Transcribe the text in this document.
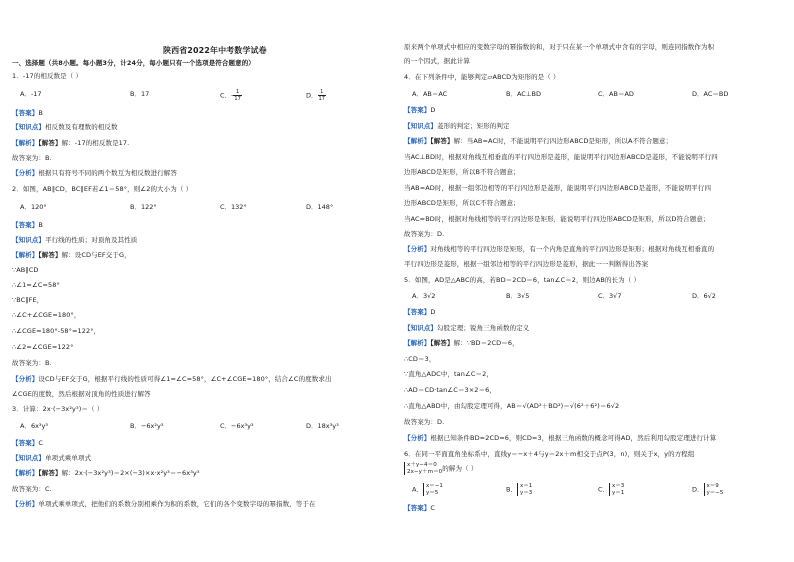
陕西省2022年中考数学试卷
一、选择题（共8小题。每小题3分，计24分，每小题只有一个选项是符合题意的）
1．-17的相反数是（ ）
A．-17	B．17	C．- $\frac{1}{17}$	D． $\frac{1}{17}$
【答案】B
【知识点】相反数及有理数的相反数
【解析】【解答】解：-17的相反数是17.
故答案为：B.
【分析】根据只有符号不同的两个数互为相反数进行解答
2．如图，AB∥CD，BC∥EF若∠1＝58°，则∠2的大小为（ ）
A．120°	B．122°	C．132°	D．148°
【答案】B
【知识点】平行线的性质；对顶角及其性质
【解析】【解答】解：设CD与EF交于G，
∵AB∥CD
∴∠1=∠C=58°
∵BC∥FE，
∴∠C+∠CGE=180°，
∴∠CGE=180°-58°=122°，
∴∠2=∠CGE=122°
故答案为：B.
【分析】设CD与EF交于G，根据平行线的性质可得∠1=∠C=58°，∠C+∠CGE=180°，结合∠C的度数求出
∠CGE的度数，然后根据对顶角的性质进行解答
3．计算：2x·(−3x²y³)＝（ ）
A．6x³y³	B．−6x²y³	C．−6x³y³	D．18x³y³
【答案】C
【知识点】单项式乘单项式
【解析】【解答】解：2x·(−3x²y³)＝2×(−3)×x·x²y³＝−6x³y³
故答案为：C.
【分析】单项式乘单项式，把他们的系数分别相乘作为积的系数，它们的各个变数字母的幂指数，等于在
原来两个单项式中相应的变数字母的幂指数的和，对于只在某一个单项式中含有的字母，则连同指数作为积
的一个因式，据此计算
4．在下列条件中，能够判定▱ABCD为矩形的是（ ）
A．AB＝AC	B．AC⊥BD	C．AB＝AD	D．AC＝BD
【答案】D
【知识点】菱形的判定；矩形的判定
【解析】【解答】解：当AB=AC时，不能说明平行四边形ABCD是矩形，所以A不符合题意；
当AC⊥BD时，根据对角线互相垂直的平行四边形是菱形，能说明平行四边形ABCD是菱形，不能说明平行四
边形ABCD是矩形，所以B不符合题意；
当AB=AD时，根据一组邻边相等的平行四边形是菱形，能说明平行四边形ABCD是菱形，不能说明平行四
边形ABCD是矩形，所以C不符合题意；
当AC=BD时，根据对角线相等的平行四边形是矩形，能说明平行四边形ABCD是矩形，所以D符合题意；
故答案为：D.
【分析】对角线相等的平行四边形是矩形，有一个内角是直角的平行四边形是矩形；根据对角线互相垂直的
平行四边形是菱形，根据一组邻边相等的平行四边形是菱形，据此一一判断得出答案
5．如图，AD是△ABC的高，若BD＝2CD＝6，tan∠C＝2，则边AB的长为（ ）
A．3√2	B．3√5	C．3√7	D．6√2
【答案】D
【知识点】勾股定理；锐角三角函数的定义
【解析】【解答】解：∵BD＝2CD＝6，
∴CD＝3，
∵直角△ADC中，tan∠C＝2，
∴AD＝CD·tan∠C＝3×2＝6，
∴直角△ABD中，由勾股定理可得，AB＝√(AD²＋BD²)＝√(6²＋6²)＝6√2
故答案为：D.
【分析】根据已知条件BD=2CD=6，则CD=3，根据三角函数的概念可得AD，然后利用勾股定理进行计算
6．在同一平面直角坐标系中，直线y＝−x＋4与y＝2x＋m相交于点P(3，n)，则关于x，y的方程组
x＋y−4＝0
2x−y＋m＝0 的解为（ ）
A． x＝−1
y＝5	B． x＝1
y＝3	C． x＝3
y＝1	D． x＝9
y＝−5
【答案】C
